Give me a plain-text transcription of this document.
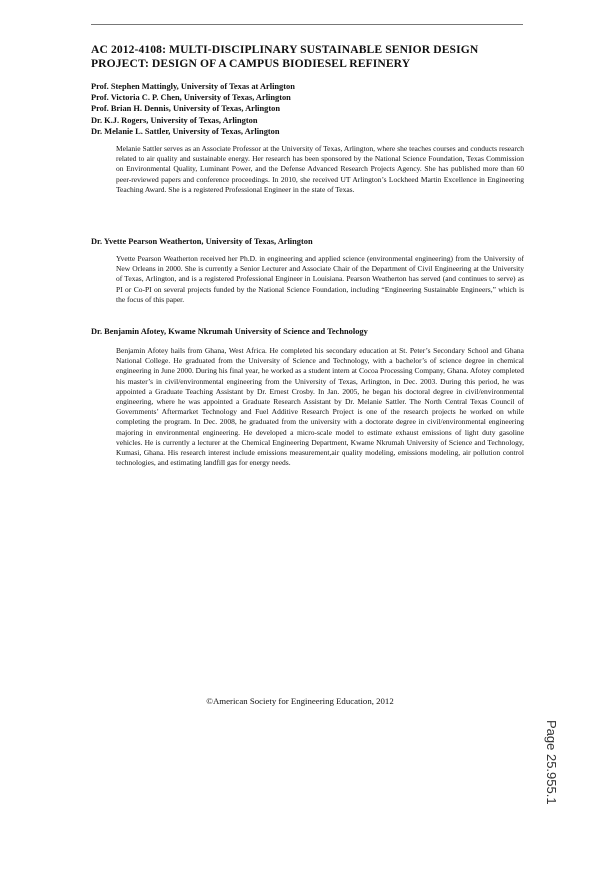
AC 2012-4108: MULTI-DISCIPLINARY SUSTAINABLE SENIOR DESIGN PROJECT: DESIGN OF A CAMPUS BIODIESEL REFINERY
Prof. Stephen Mattingly, University of Texas at Arlington
Prof. Victoria C. P. Chen, University of Texas, Arlington
Prof. Brian H. Dennis, University of Texas, Arlington
Dr. K.J. Rogers, University of Texas, Arlington
Dr. Melanie L. Sattler, University of Texas, Arlington

Melanie Sattler serves as an Associate Professor at the University of Texas, Arlington, where she teaches courses and conducts research related to air quality and sustainable energy. Her research has been sponsored by the National Science Foundation, Texas Commission on Environmental Quality, Luminant Power, and the Defense Advanced Research Projects Agency. She has published more than 60 peer-reviewed papers and conference proceedings. In 2010, she received UT Arlington’s Lockheed Martin Excellence in Engineering Teaching Award. She is a registered Professional Engineer in the state of Texas.

Dr. Yvette Pearson Weatherton, University of Texas, Arlington

Yvette Pearson Weatherton received her Ph.D. in engineering and applied science (environmental engineering) from the University of New Orleans in 2000. She is currently a Senior Lecturer and Associate Chair of the Department of Civil Engineering at the University of Texas, Arlington, and is a registered Professional Engineer in Louisiana. Pearson Weatherton has served (and continues to serve) as PI or Co-PI on several projects funded by the National Science Foundation, including “Engineering Sustainable Engineers,” which is the focus of this paper.

Dr. Benjamin Afotey, Kwame Nkrumah University of Science and Technology

Benjamin Afotey hails from Ghana, West Africa. He completed his secondary education at St. Peter’s Secondary School and Ghana National College. He graduated from the University of Science and Technology, with a bachelor’s of science degree in chemical engineering in June 2000. During his final year, he worked as a student intern at Cocoa Processing Company, Ghana. Afotey completed his master’s in civil/environmental engineering from the University of Texas, Arlington, in Dec. 2003. During this period, he was appointed a Graduate Teaching Assistant by Dr. Ernest Crosby. In Jan. 2005, he began his doctoral degree in civil/environmental engineering, where he was appointed a Graduate Research Assistant by Dr. Melanie Sattler. The North Central Texas Council of Governments’ Aftermarket Technology and Fuel Additive Research Project is one of the research projects he worked on while completing the program. In Dec. 2008, he graduated from the university with a doctorate degree in civil/environmental engineering majoring in environmental engineering. He developed a micro-scale model to estimate exhaust emissions of light duty gasoline vehicles. He is currently a lecturer at the Chemical Engineering Department, Kwame Nkrumah University of Science and Technology, Kumasi, Ghana. His research interest include emissions measurement,air quality modeling, emissions modeling, air pollution control technologies, and estimating landfill gas for energy needs.

©American Society for Engineering Education, 2012
Page 25.955.1
